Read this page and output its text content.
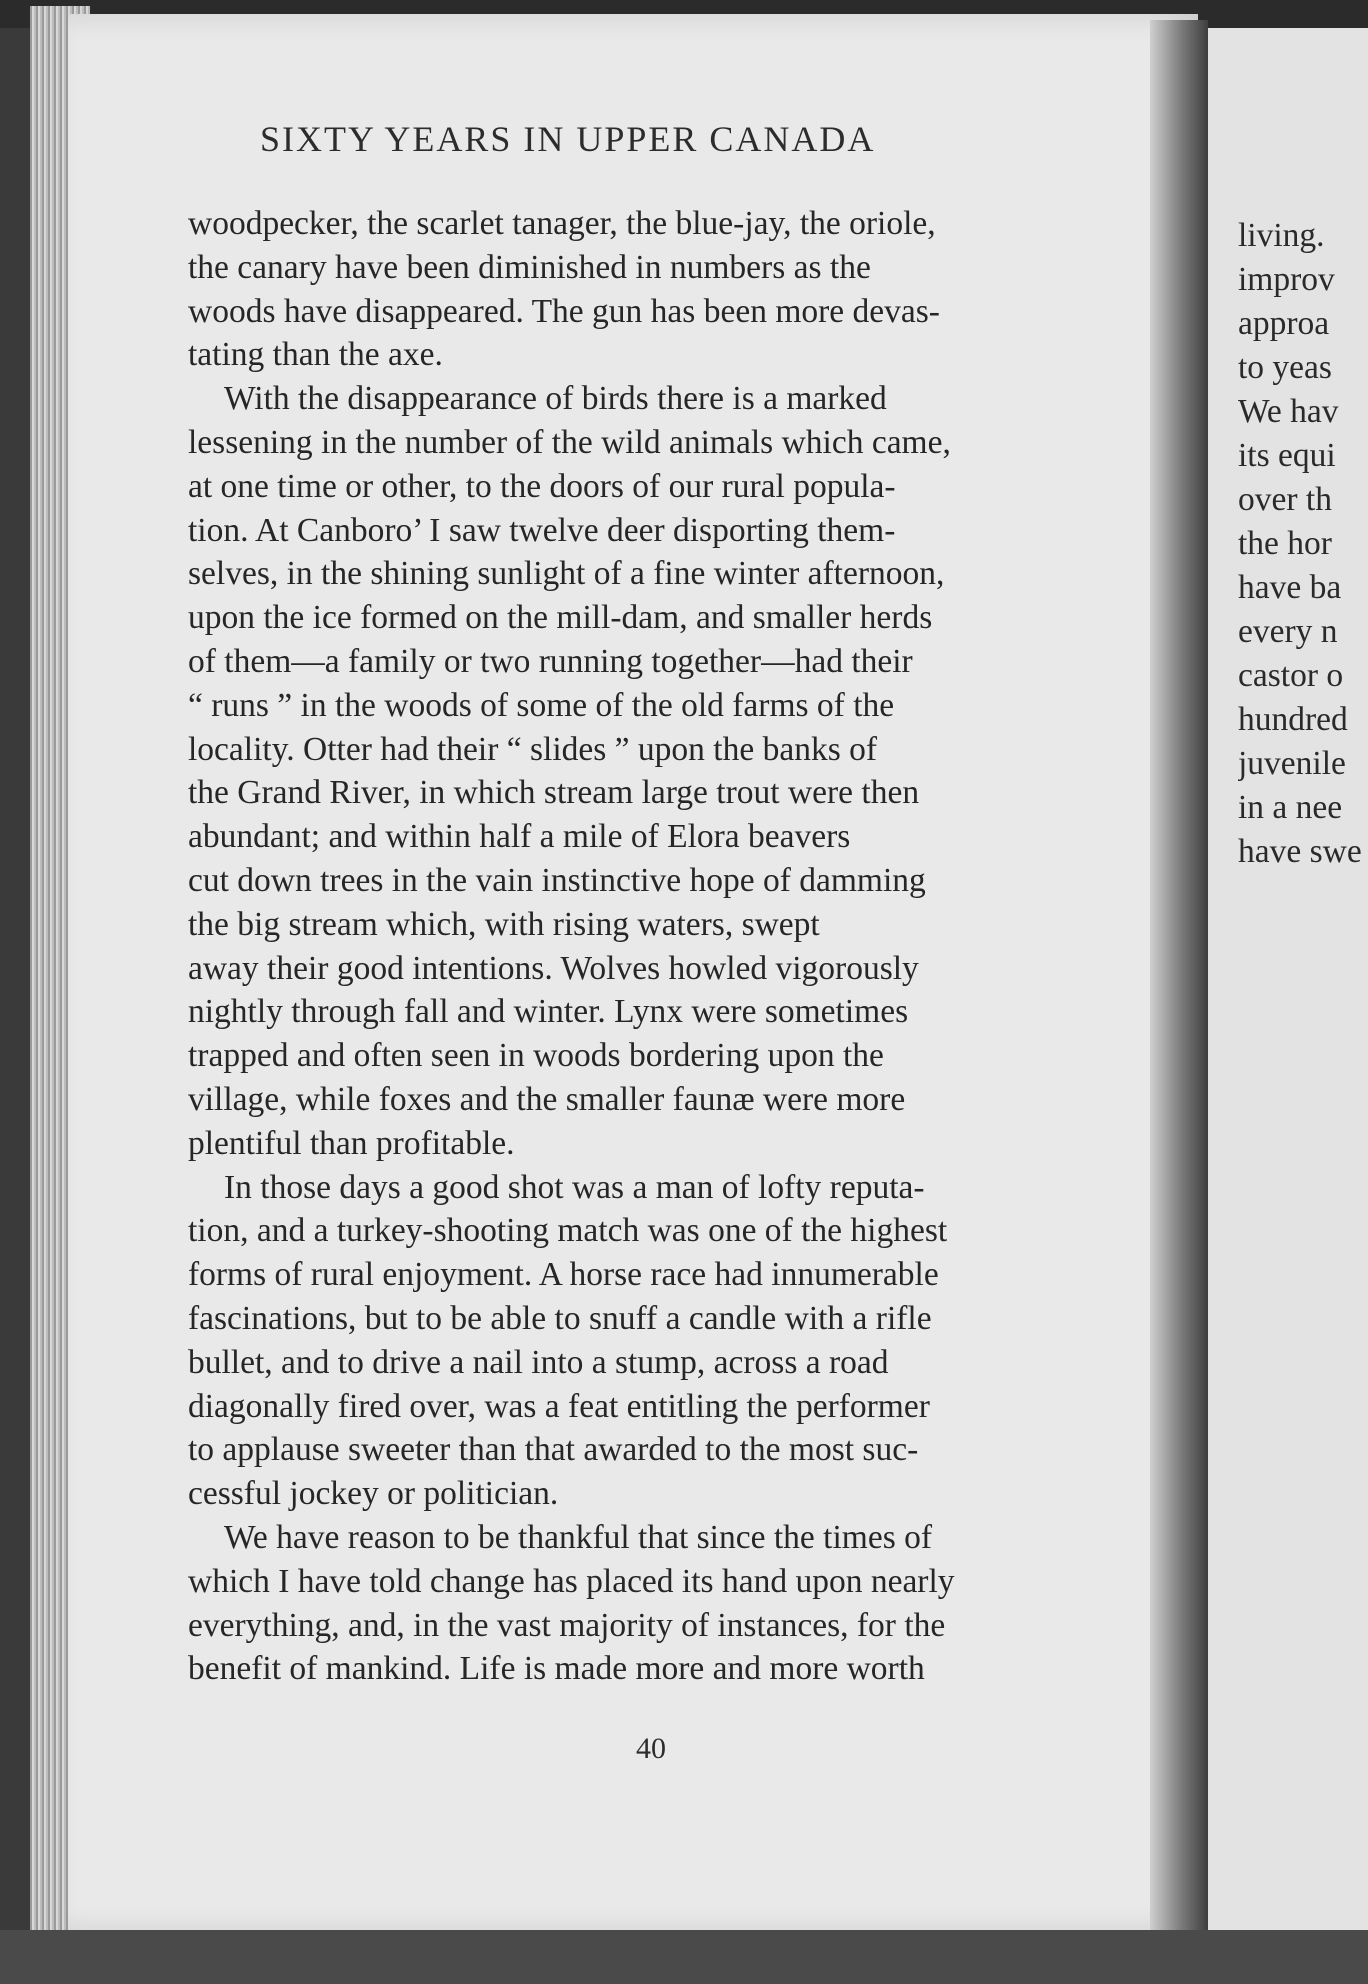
SIXTY YEARS IN UPPER CANADA
woodpecker, the scarlet tanager, the blue-jay, the oriole,
the canary have been diminished in numbers as the
woods have disappeared. The gun has been more devas-
tating than the axe.
With the disappearance of birds there is a marked
lessening in the number of the wild animals which came,
at one time or other, to the doors of our rural popula-
tion. At Canboro’ I saw twelve deer disporting them-
selves, in the shining sunlight of a fine winter afternoon,
upon the ice formed on the mill-dam, and smaller herds
of them—a family or two running together—had their
“ runs ” in the woods of some of the old farms of the
locality. Otter had their “ slides ” upon the banks of
the Grand River, in which stream large trout were then
abundant; and within half a mile of Elora beavers
cut down trees in the vain instinctive hope of damming
the big stream which, with rising waters, swept
away their good intentions. Wolves howled vigorously
nightly through fall and winter. Lynx were sometimes
trapped and often seen in woods bordering upon the
village, while foxes and the smaller faunæ were more
plentiful than profitable.
In those days a good shot was a man of lofty reputa-
tion, and a turkey-shooting match was one of the highest
forms of rural enjoyment. A horse race had innumerable
fascinations, but to be able to snuff a candle with a rifle
bullet, and to drive a nail into a stump, across a road
diagonally fired over, was a feat entitling the performer
to applause sweeter than that awarded to the most suc-
cessful jockey or politician.
We have reason to be thankful that since the times of
which I have told change has placed its hand upon nearly
everything, and, in the vast majority of instances, for the
benefit of mankind. Life is made more and more worth
40
living.
improv
approa
to yeas
We hav
its equi
over th
the hor
have ba
every n
castor o
hundred
juvenile
in a nee
have swe
